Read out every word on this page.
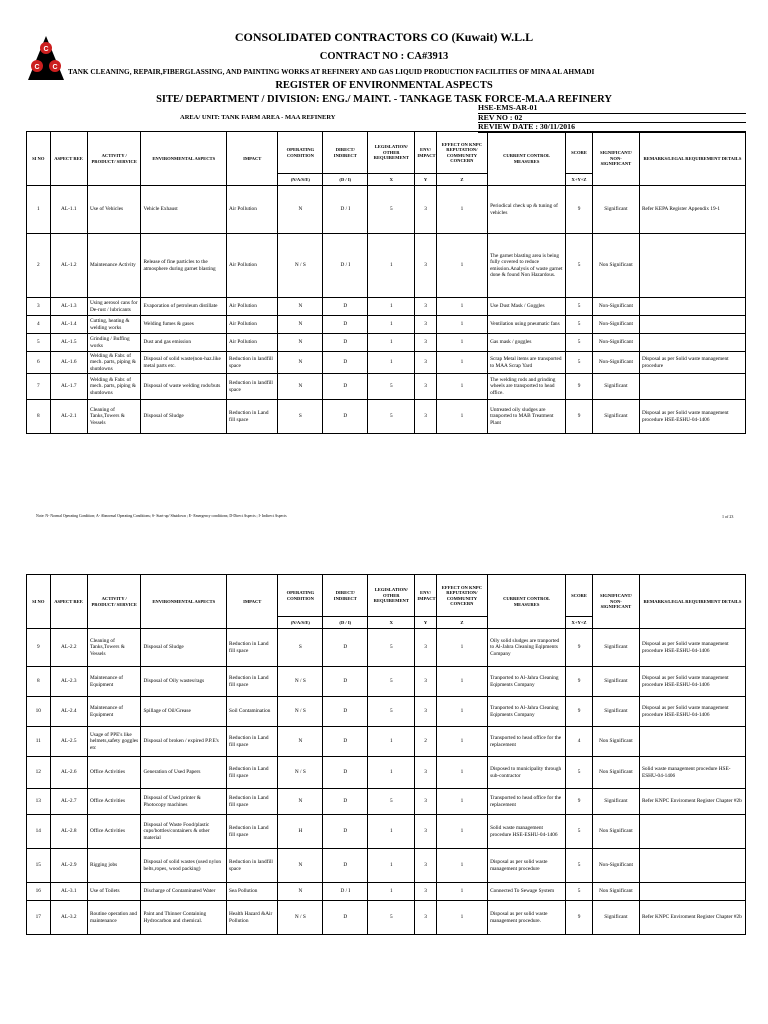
C
C C
CONSOLIDATED CONTRACTORS CO (Kuwait) W.L.L
CONTRACT NO : CA#3913
TANK CLEANING, REPAIR,FIBERGLASSING, AND PAINTING WORKS AT REFINERY AND GAS LIQUID PRODUCTION FACILITIES OF MINA AL AHMADI
REGISTER OF ENVIRONMENTAL ASPECTS
SITE/ DEPARTMENT / DIVISION: ENG./ MAINT. - TANKAGE TASK FORCE-M.A.A REFINERY
HSE-EMS-AR-01
REV NO : 02
REVIEW DATE : 30/11/2016
AREA/ UNIT: TANK FARM AREA - MAA REFINERY
SI NO	ASPECT REF.	ACTIVITY / PRODUCT/ SERVICE	ENVIRONMENTAL ASPECTS	IMPACT	OPERATING CONDITION	DIRECT/ INDIRECT	LEGISLATION/ OTHER REQUIREMENT	ENV/ IMPACT	EFFECT ON KNPC REPUTATION/ COMMUNITY CONCERN	CURRENT CONTROL MEASURES	SCORE	SIGNIFICANT/ NON-SIGNIFICANT	REMARKS/LEGAL REQUIREMENT DETAILS
					(N/A/S/E)	(D / I)	X	Y	Z		X+Y+Z		
1	AL-1.1	Use of Vehicles	Vehicle Exhaust	Air Pollution	N	D / I	5	3	1	Periodical check up & tuning of vehicles	9	Significant	Refer KEPA Register Appendix 19-1
2	AL-1.2	Maintenance Activity	Release of fine particles to the atmosphere during garnet blasting	Air Pollution	N / S	D / I	1	3	1	The garnet blasting area is being fully covered to reduce emission.Analysis of waste garnet done & found Non Hazardous.	5	Non Significant	
3	AL-1.3	Using aerosol cans for De-rust / lubricants	Evaporation of petroleum distillate	Air Pollution	N	D	1	3	1	Use Dust Mask / Goggles	5	Non-Significant	
4	AL-1.4	Cutting, heating & welding works	Welding fumes & gases	Air Pollution	N	D	1	3	1	Ventilation using pneumatic fans	5	Non-Significant	
5	AL-1.5	Grinding / Buffing works	Dust and gas emission	Air Pollution	N	D	1	3	1	Gas mask / goggles	5	Non-Significant	
6	AL-1.6	Welding & Fabr. of mech. parts, piping & shutdowns	Disposal of solid waste(non-haz.like metal parts etc.	Reduction in landfill space	N	D	1	3	1	Scrap Metal items are transported to MAA Scrap Yard	5	Non-Significant	Disposal as per Solid waste management procedure
7	AL-1.7	Welding & Fabr. of mech. parts, piping & shutdowns	Disposal of waste welding rods/buts	Reduction in landfill space	N	D	5	3	1	The welding rods and grinding wheels are transported to head office.	9	Significant	
8	AL-2.1	Cleaning of Tanks,Towers & Vessels	Disposal of Sludge	Reduction in Land fill space	S	D	5	3	1	Untreated oily sludges are tranported to MAB Treatment Plant	9	Significant	Disposal as per Solid waste management procedure HSE-ESHU-04-1406
Note: N- Normal Operating Condition; A- Abnormal Operating Conditions; S- Start-up/ Shutdown ; E- Emergency conditions; D-Direct Aspects ; I- Indirect Aspects	1 of 23
SI NO	ASPECT REF.	ACTIVITY / PRODUCT/ SERVICE	ENVIRONMENTAL ASPECTS	IMPACT	OPERATING CONDITION	DIRECT/ INDIRECT	LEGISLATION/ OTHER REQUIREMENT	ENV/ IMPACT	EFFECT ON KNPC REPUTATION/ COMMUNITY CONCERN	CURRENT CONTROL MEASURES	SCORE	SIGNIFICANT/ NON-SIGNIFICANT	REMARKS/LEGAL REQUIREMENT DETAILS
					(N/A/S/E)	(D / I)	X	Y	Z		X+Y+Z		
9	AL-2.2	Cleaning of Tanks,Towers & Vessels	Disposal of Sludge	Reduction in Land fill space	S	D	5	3	1	Oily solid sludges are tranported to Al-Jahra Cleaning Eqipments Company	9	Significant	Disposal as per Solid waste management procedure HSE-ESHU-04-1406
8	AL-2.3	Maintenance of Equipment	Disposal of Oily wastes/rags	Reduction in Land fill space	N / S	D	5	3	1	Tranported to Al-Jahra Cleaning Eqipments Company	9	Significant	Disposal as per Solid waste management procedure HSE-ESHU-04-1406
10	AL-2.4	Maintenance of Equipment	Spillage of Oil/Grease	Soil Contamination	N / S	D	5	3	1	Tranported to Al-Jahra Cleaning Eqipments Company	9	Significant	Disposal as per Solid waste management procedure HSE-ESHU-04-1406
11	AL-2.5	Usage of PPE's like helmets,safety goggles etc	Disposal of broken / expired P.P.E's	Reduction in Land fill space	N	D	1	2	1	Transported to head office for the replacement	4	Non Significant	
12	AL-2.6	Office Activities	Generation of Used Papers	Reduction in Land fill space	N / S	D	1	3	1	Disposed to municipality through sub-contractor	5	Non Significant	Solid waste management procedure HSE-ESHU-04-1406
13	AL-2.7	Office Activities	Disposal of Used printer & Photocopy machines	Reduction in Land fill space	N	D	5	3	1	Transported to head office for the replacement	9	Significant	Refer KNPC Enviroment Register Chapter #2b
14	AL-2.8	Office Activities	Disposal of Waste Food/plastic cups/bottles/containers & other material	Reduction in Land fill space	H	D	1	3	1	Solid waste management procedure HSE-ESHU-04-1406	5	Non Significant	
15	AL-2.9	Rigging jobs	Disposal of solid wastes (used nylon belts,ropes, wood packing)	Reduction in landfill space	N	D	1	3	1	Disposal as per solid waste management procedure	5	Non-Significant	
16	AL-3.1	Use of Toilets	Discharge of Contaminated Water	Sea Pollution	N	D / I	1	3	1	Connected To Sewage System	5	Non Significant	
17	AL-3.2	Routine operation and maintenance	Paint and Thinner Containing Hydrocarbon and chemical.	Health Hazard &Air Pollution	N / S	D	5	3	1	Disposal as per solid waste management procedure.	9	Significant	Refer KNPC Enviroment Register Chapter #2b
